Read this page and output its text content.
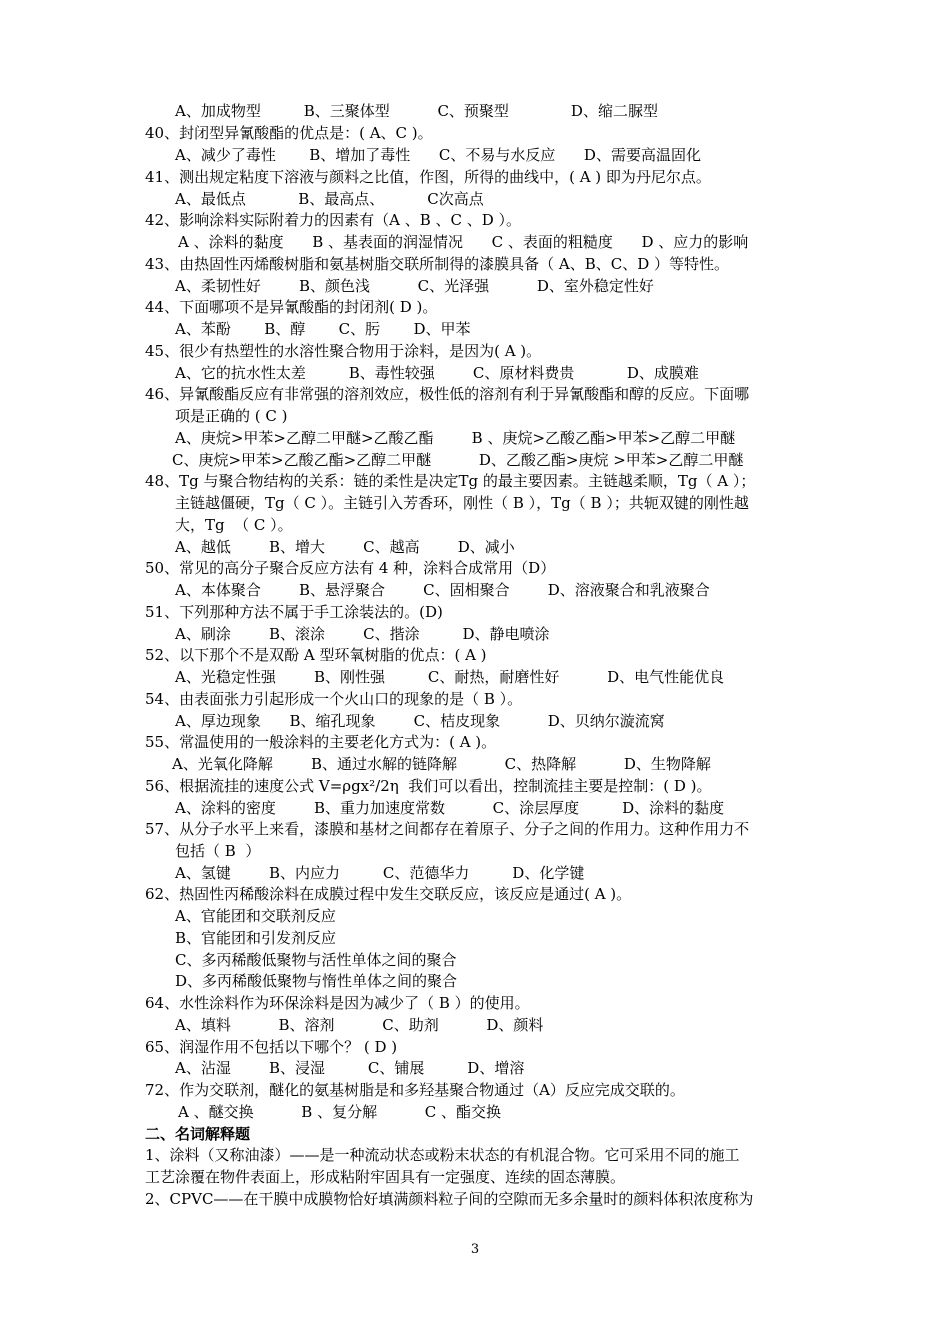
A、加成物型         B、三聚体型          C、预聚型             D、缩二脲型
40、封闭型异氰酸酯的优点是：( A、C )。
A、减少了毒性       B、增加了毒性      C、不易与水反应      D、需要高温固化
41、测出规定粘度下溶液与颜料之比值，作图，所得的曲线中，( A ) 即为丹尼尔点。
A、最低点           B、最高点、         C次高点
42、影响涂料实际附着力的因素有（A 、B 、C 、D ）。
A 、涂料的黏度      B 、基表面的润湿情况      C 、表面的粗糙度      D 、应力的影响
43、由热固性丙烯酸树脂和氨基树脂交联所制得的漆膜具备（ A、B、C、D ）等特性。
A、柔韧性好        B、颜色浅          C、光泽强          D、室外稳定性好
44、下面哪项不是异氰酸酯的封闭剂( D )。
A、苯酚       B、醇       C、肟       D、甲苯
45、很少有热塑性的水溶性聚合物用于涂料，是因为( A )。
A、它的抗水性太差         B、毒性较强        C、原材料费贵           D、成膜难
46、异氰酸酯反应有非常强的溶剂效应，极性低的溶剂有利于异氰酸酯和醇的反应。下面哪
项是正确的 ( C )
A、庚烷>甲苯>乙醇二甲醚>乙酸乙酯        B 、庚烷>乙酸乙酯>甲苯>乙醇二甲醚
C、庚烷>甲苯>乙酸乙酯>乙醇二甲醚          D、乙酸乙酯>庚烷 >甲苯>乙醇二甲醚
48、Tg 与聚合物结构的关系：链的柔性是决定Tg 的最主要因素。主链越柔顺，Tg（ A ）；
主链越僵硬，Tg（ C ）。主链引入芳香环，刚性（ B ），Tg（ B ）；共轭双键的刚性越
大，Tg  （ C ）。
A、越低        B、增大        C、越高        D、减小
50、常见的高分子聚合反应方法有 4 种，涂料合成常用（D）
A、本体聚合        B、悬浮聚合        C、固相聚合        D、溶液聚合和乳液聚合
51、下列那种方法不属于手工涂装法的。(D)
A、刷涂        B、滚涂        C、揩涂         D、静电喷涂
52、以下那个不是双酚 A 型环氧树脂的优点：( A )
A、光稳定性强        B、刚性强         C、耐热，耐磨性好          D、电气性能优良
54、由表面张力引起形成一个火山口的现象的是（ B ）。
A、厚边现象      B、缩孔现象        C、桔皮现象          D、贝纳尔漩流窝
55、常温使用的一般涂料的主要老化方式为：( A )。
A、光氧化降解        B、通过水解的链降解          C、热降解          D、生物降解
56、根据流挂的速度公式 V=ρgx²/2η  我们可以看出，控制流挂主要是控制：( D )。
A、涂料的密度        B、重力加速度常数          C、涂层厚度         D、涂料的黏度
57、从分子水平上来看，漆膜和基材之间都存在着原子、分子之间的作用力。这种作用力不
包括（ B  ）
A、氢键        B、内应力         C、范德华力         D、化学键
62、热固性丙稀酸涂料在成膜过程中发生交联反应，该反应是通过( A )。
A、官能团和交联剂反应
B、官能团和引发剂反应
C、多丙稀酸低聚物与活性单体之间的聚合
D、多丙稀酸低聚物与惰性单体之间的聚合
64、水性涂料作为环保涂料是因为减少了（ B ）的使用。
A、填料          B、溶剂          C、助剂          D、颜料
65、润湿作用不包括以下哪个？ ( D )
A、沾湿        B、浸湿         C、铺展         D、增溶
72、作为交联剂，醚化的氨基树脂是和多羟基聚合物通过（A）反应完成交联的。
A 、醚交换          B 、复分解          C 、酯交换
二、名词解释题
1、涂料（又称油漆）——是一种流动状态或粉末状态的有机混合物。它可采用不同的施工
工艺涂覆在物件表面上，形成粘附牢固具有一定强度、连续的固态薄膜。
2、CPVC——在干膜中成膜物恰好填满颜料粒子间的空隙而无多余量时的颜料体积浓度称为
3
